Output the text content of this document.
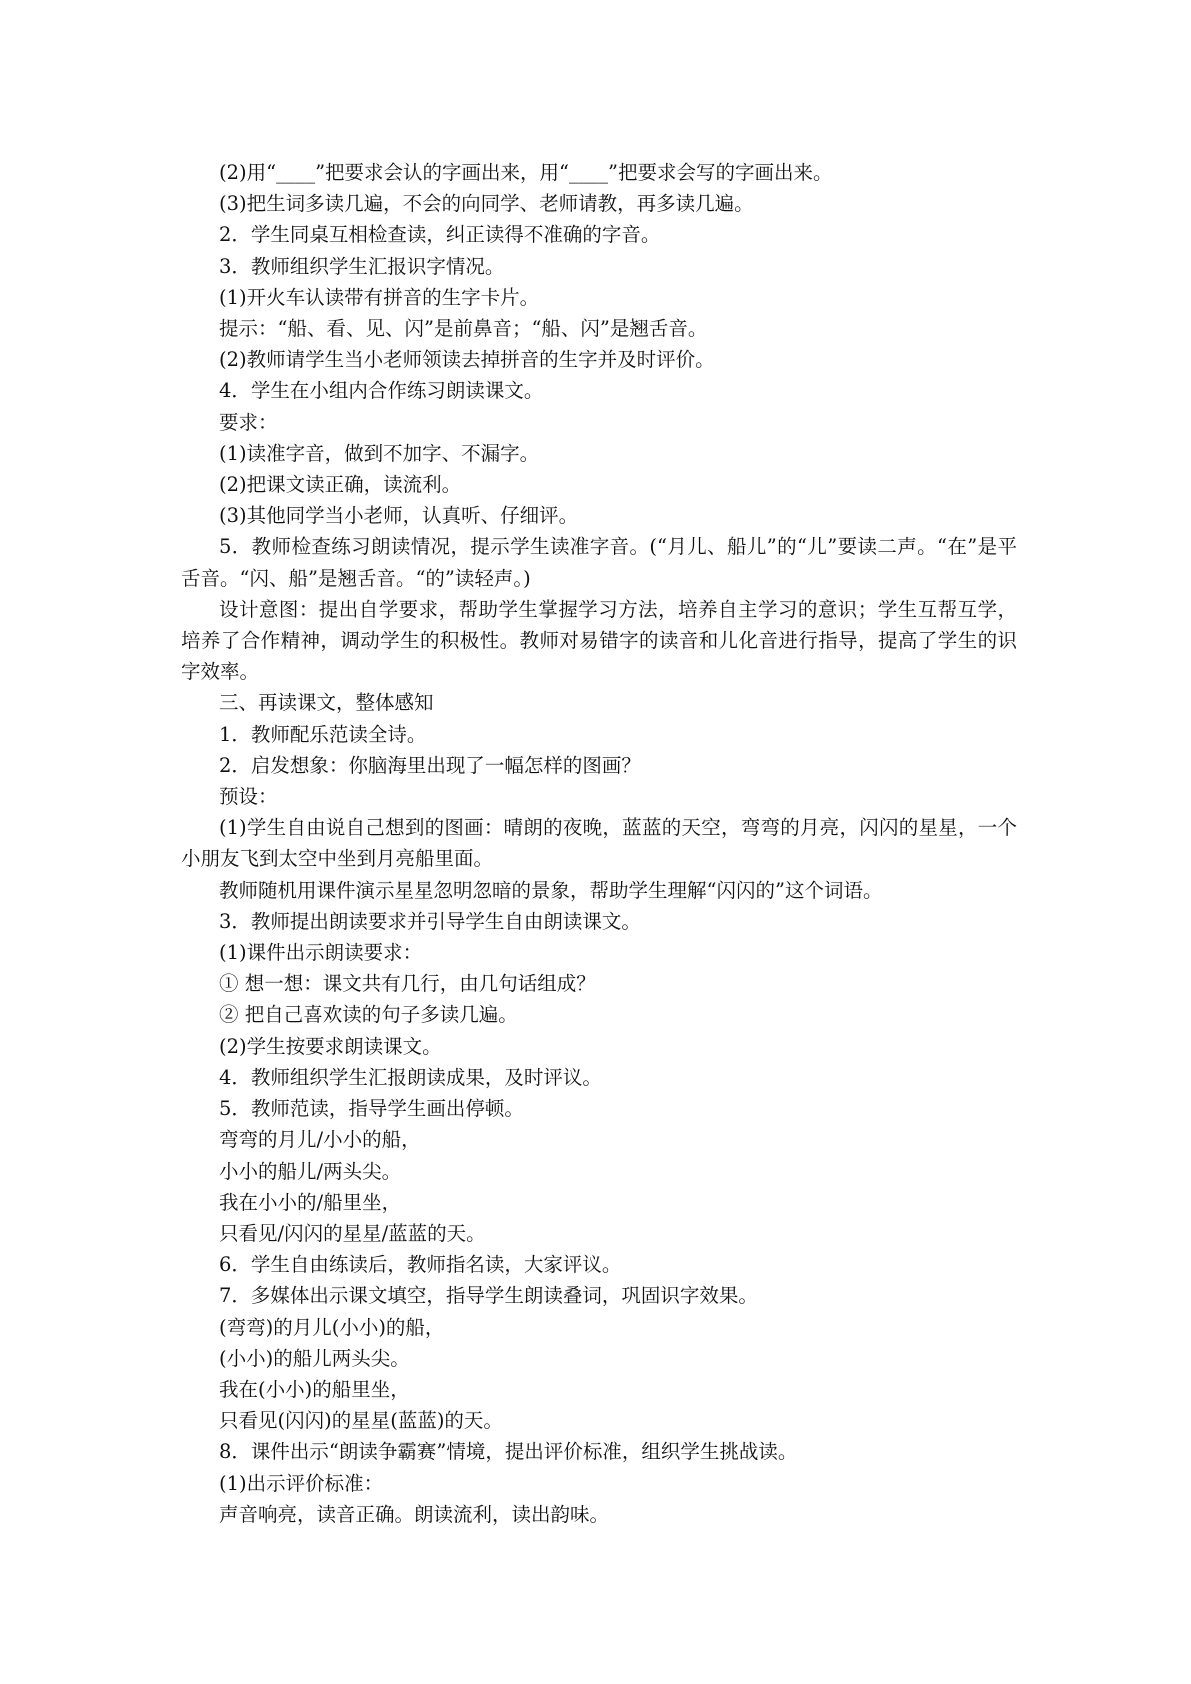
(2)用“____”把要求会认的字画出来，用“____”把要求会写的字画出来。

(3)把生词多读几遍，不会的向同学、老师请教，再多读几遍。

2．学生同桌互相检查读，纠正读得不准确的字音。

3．教师组织学生汇报识字情况。

(1)开火车认读带有拼音的生字卡片。

提示：“船、看、见、闪”是前鼻音；“船、闪”是翘舌音。

(2)教师请学生当小老师领读去掉拼音的生字并及时评价。

4．学生在小组内合作练习朗读课文。

要求：

(1)读准字音，做到不加字、不漏字。

(2)把课文读正确，读流利。

(3)其他同学当小老师，认真听、仔细评。

5．教师检查练习朗读情况，提示学生读准字音。(“月儿、船儿”的“儿”要读二声。“在”是平舌音。“闪、船”是翘舌音。“的”读轻声。)

设计意图：提出自学要求，帮助学生掌握学习方法，培养自主学习的意识；学生互帮互学，培养了合作精神，调动学生的积极性。教师对易错字的读音和儿化音进行指导，提高了学生的识字效率。

三、再读课文，整体感知

1．教师配乐范读全诗。

2．启发想象：你脑海里出现了一幅怎样的图画？

预设：

(1)学生自由说自己想到的图画：晴朗的夜晚，蓝蓝的天空，弯弯的月亮，闪闪的星星，一个小朋友飞到太空中坐到月亮船里面。

教师随机用课件演示星星忽明忽暗的景象，帮助学生理解“闪闪的”这个词语。

3．教师提出朗读要求并引导学生自由朗读课文。

(1)课件出示朗读要求：

① 想一想：课文共有几行，由几句话组成？

② 把自己喜欢读的句子多读几遍。

(2)学生按要求朗读课文。

4．教师组织学生汇报朗读成果，及时评议。

5．教师范读，指导学生画出停顿。

弯弯的月儿/小小的船，

小小的船儿/两头尖。

我在小小的/船里坐，

只看见/闪闪的星星/蓝蓝的天。

6．学生自由练读后，教师指名读，大家评议。

7．多媒体出示课文填空，指导学生朗读叠词，巩固识字效果。

(弯弯)的月儿(小小)的船，

(小小)的船儿两头尖。

我在(小小)的船里坐，

只看见(闪闪)的星星(蓝蓝)的天。

8．课件出示“朗读争霸赛”情境，提出评价标准，组织学生挑战读。

(1)出示评价标准：

声音响亮，读音正确。朗读流利，读出韵味。
